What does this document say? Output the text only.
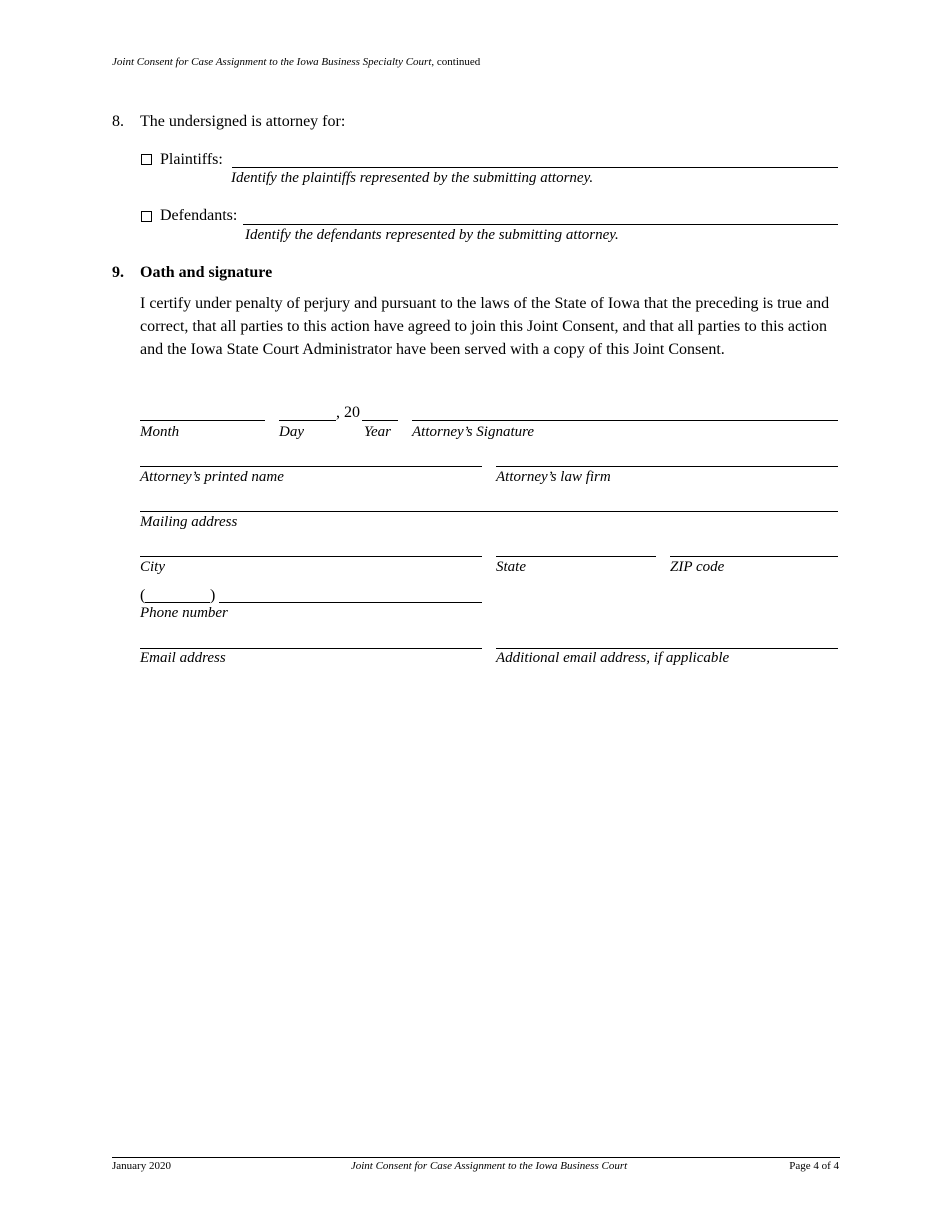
Joint Consent for Case Assignment to the Iowa Business Specialty Court, continued
8. The undersigned is attorney for:
Plaintiffs:
Identify the plaintiffs represented by the submitting attorney.
Defendants:
Identify the defendants represented by the submitting attorney.
9. Oath and signature
I certify under penalty of perjury and pursuant to the laws of the State of Iowa that the preceding is true and correct, that all parties to this action have agreed to join this Joint Consent, and that all parties to this action and the Iowa State Court Administrator have been served with a copy of this Joint Consent.
, 20
Month	Day	Year Attorney’s Signature
Attorney’s printed name	Attorney’s law firm
Mailing address
City	State	ZIP code
(	)
Phone number
Email address	Additional email address, if applicable
January 2020	Joint Consent for Case Assignment to the Iowa Business Court	Page 4 of 4
